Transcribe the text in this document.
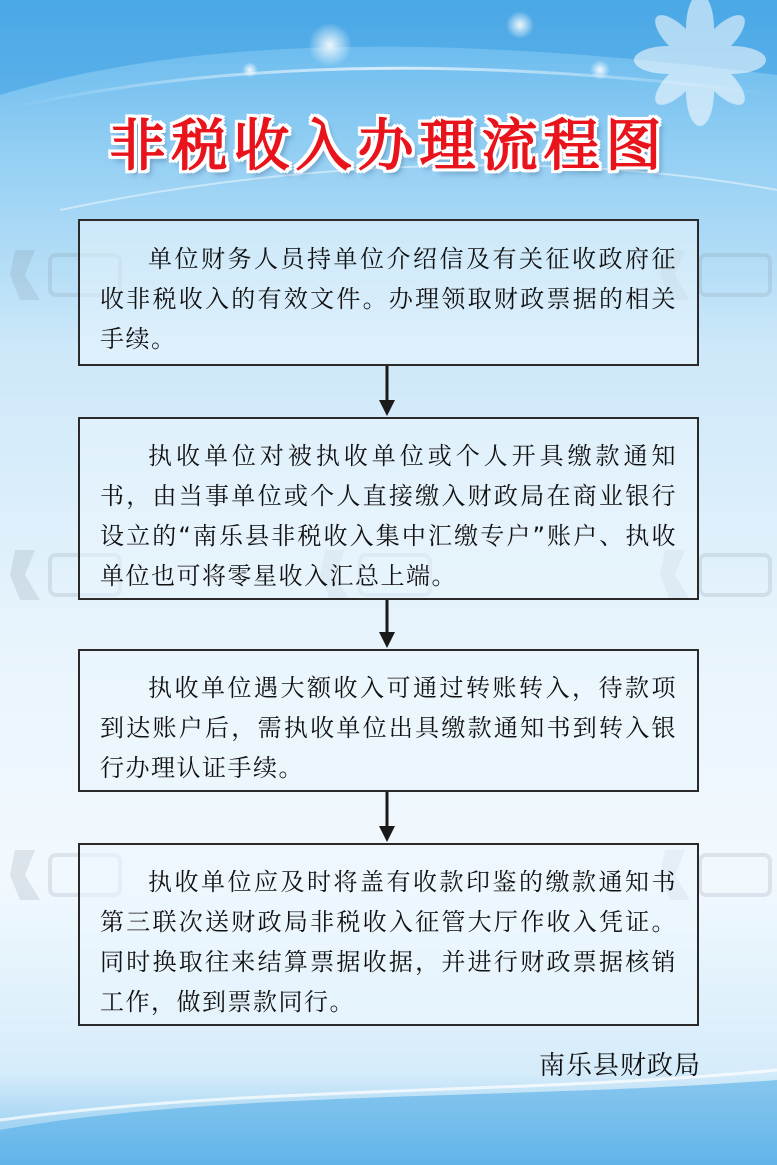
非税收入办理流程图

单位财务人员持单位介绍信及有关征收政府征收非税收入的有效文件。办理领取财政票据的相关手续。

执收单位对被执收单位或个人开具缴款通知书，由当事单位或个人直接缴入财政局在商业银行设立的“南乐县非税收入集中汇缴专户”账户、执收单位也可将零星收入汇总上端。

执收单位遇大额收入可通过转账转入，待款项到达账户后，需执收单位出具缴款通知书到转入银行办理认证手续。

执收单位应及时将盖有收款印鉴的缴款通知书第三联次送财政局非税收入征管大厅作收入凭证。同时换取往来结算票据收据，并进行财政票据核销工作，做到票款同行。

南乐县财政局
